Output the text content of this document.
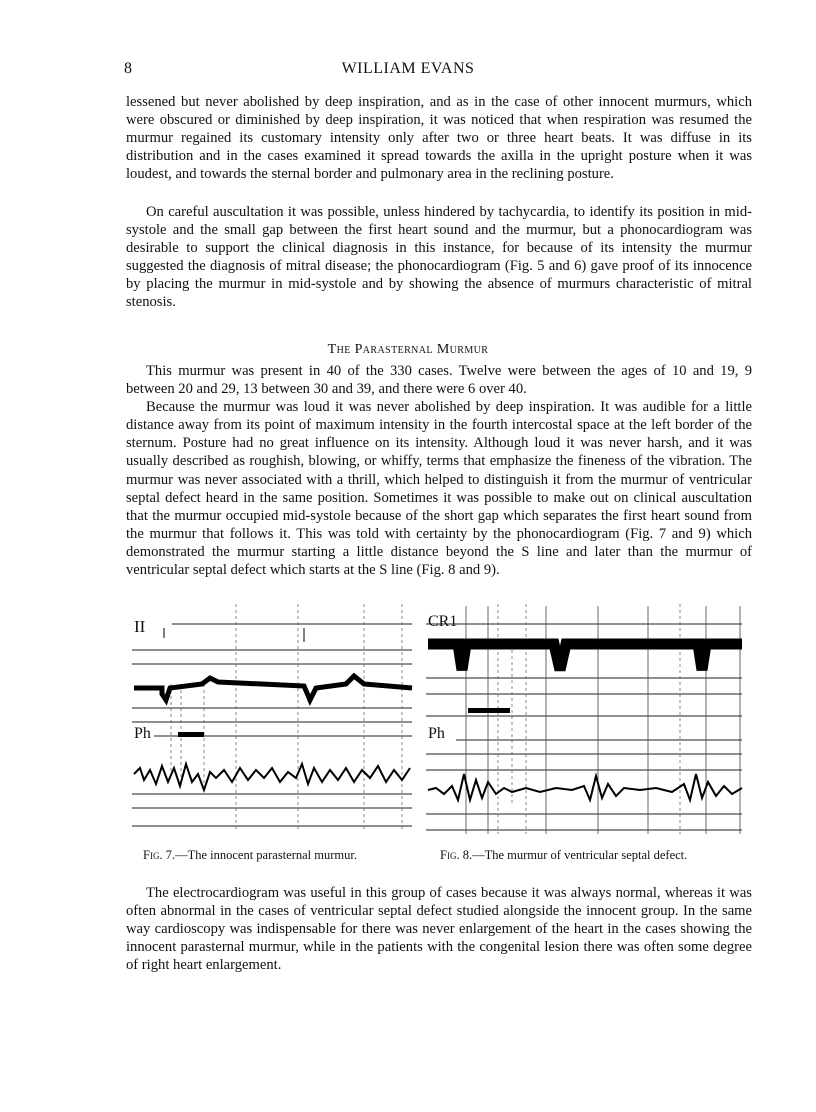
8	WILLIAM EVANS

lessened but never abolished by deep inspiration, and as in the case of other innocent murmurs, which were obscured or diminished by deep inspiration, it was noticed that when respiration was resumed the murmur regained its customary intensity only after two or three heart beats. It was diffuse in its distribution and in the cases examined it spread towards the axilla in the upright posture when it was loudest, and towards the sternal border and pulmonary area in the reclining posture.

On careful auscultation it was possible, unless hindered by tachycardia, to identify its position in mid-systole and the small gap between the first heart sound and the murmur, but a phonocardiogram was desirable to support the clinical diagnosis in this instance, for because of its intensity the murmur suggested the diagnosis of mitral disease; the phonocardiogram (Fig. 5 and 6) gave proof of its innocence by placing the murmur in mid-systole and by showing the absence of murmurs characteristic of mitral stenosis.

The Parasternal Murmur

This murmur was present in 40 of the 330 cases. Twelve were between the ages of 10 and 19, 9 between 20 and 29, 13 between 30 and 39, and there were 6 over 40.

Because the murmur was loud it was never abolished by deep inspiration. It was audible for a little distance away from its point of maximum intensity in the fourth intercostal space at the left border of the sternum. Posture had no great influence on its intensity. Although loud it was never harsh, and it was usually described as roughish, blowing, or whiffy, terms that emphasize the fineness of the vibration. The murmur was never associated with a thrill, which helped to distinguish it from the murmur of ventricular septal defect heard in the same position. Sometimes it was possible to make out on clinical auscultation that the murmur occupied mid-systole because of the short gap which separates the first heart sound from the murmur that follows it. This was told with certainty by the phonocardiogram (Fig. 7 and 9) which demonstrated the murmur starting a little distance beyond the S line and later than the murmur of ventricular septal defect which starts at the S line (Fig. 8 and 9).

II
Ph
CR1
Ph
Fig. 7.—The innocent parasternal murmur.	Fig. 8.—The murmur of ventricular septal defect.

The electrocardiogram was useful in this group of cases because it was always normal, whereas it was often abnormal in the cases of ventricular septal defect studied alongside the innocent group. In the same way cardioscopy was indispensable for there was never enlargement of the heart in the cases showing the innocent parasternal murmur, while in the patients with the congenital lesion there was often some degree of right heart enlargement.
